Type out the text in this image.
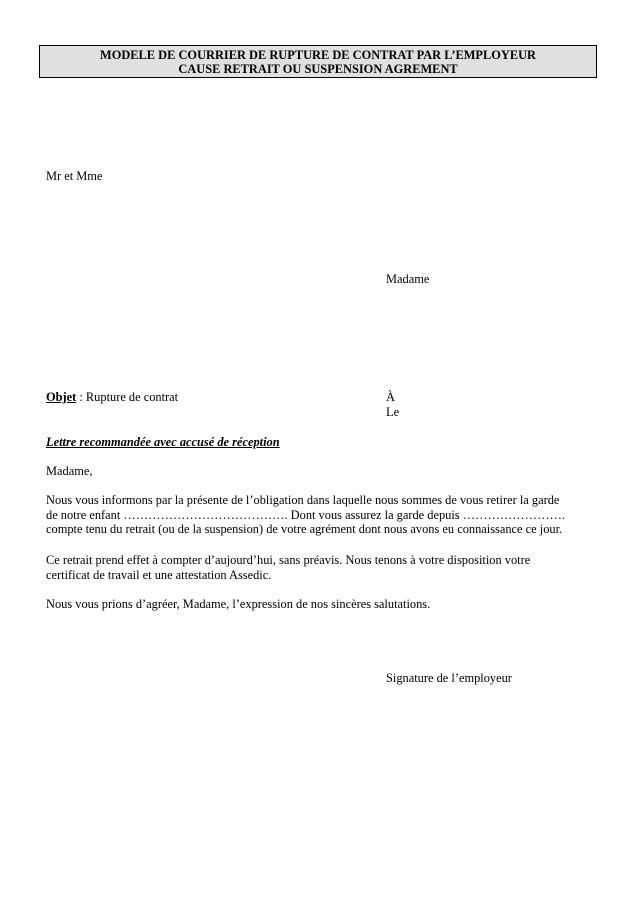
MODELE DE COURRIER DE RUPTURE DE CONTRAT PAR L’EMPLOYEUR
CAUSE RETRAIT OU SUSPENSION AGREMENT
Mr et Mme
Madame
Objet : Rupture de contrat	À
Le
Lettre recommandée avec accusé de réception
Madame,
Nous vous informons par la présente de l’obligation dans laquelle nous sommes de vous retirer la garde
de notre enfant …………………………………. Dont vous assurez la garde depuis …………………….
compte tenu du retrait (ou de la suspension) de votre agrément dont nous avons eu connaissance ce jour.
Ce retrait prend effet à compter d’aujourd’hui, sans préavis. Nous tenons à votre disposition votre
certificat de travail et une attestation Assedic.
Nous vous prions d’agréer, Madame, l’expression de nos sincères salutations.
Signature de l’employeur
